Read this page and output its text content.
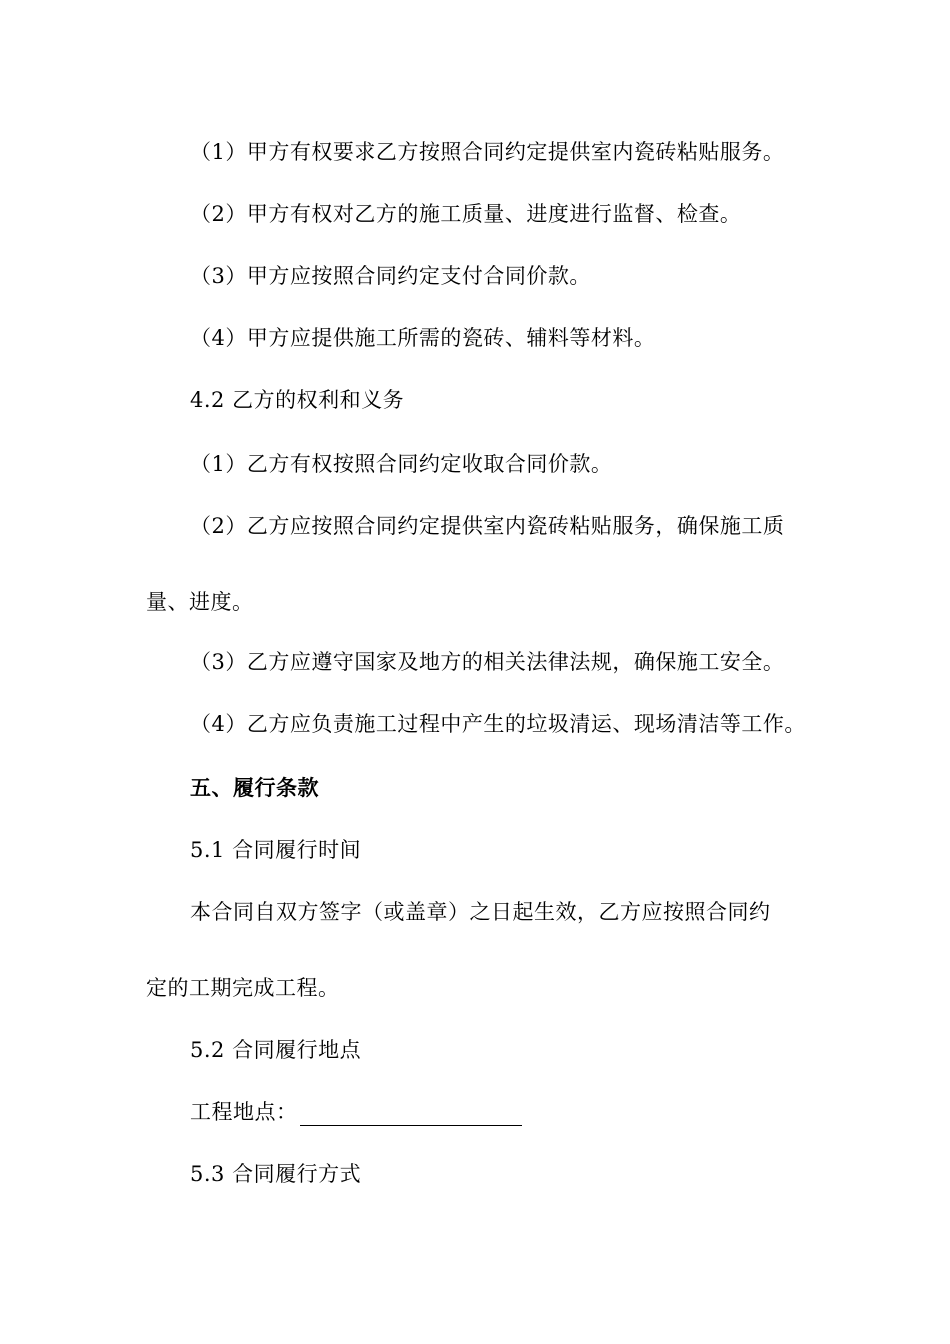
（1）甲方有权要求乙方按照合同约定提供室内瓷砖粘贴服务。
（2）甲方有权对乙方的施工质量、进度进行监督、检查。
（3）甲方应按照合同约定支付合同价款。
（4）甲方应提供施工所需的瓷砖、辅料等材料。
4.2 乙方的权利和义务
（1）乙方有权按照合同约定收取合同价款。
（2）乙方应按照合同约定提供室内瓷砖粘贴服务，确保施工质
量、进度。
（3）乙方应遵守国家及地方的相关法律法规，确保施工安全。
（4）乙方应负责施工过程中产生的垃圾清运、现场清洁等工作。
五、履行条款
5.1 合同履行时间
本合同自双方签字（或盖章）之日起生效，乙方应按照合同约
定的工期完成工程。
5.2 合同履行地点
工程地点：
5.3 合同履行方式
